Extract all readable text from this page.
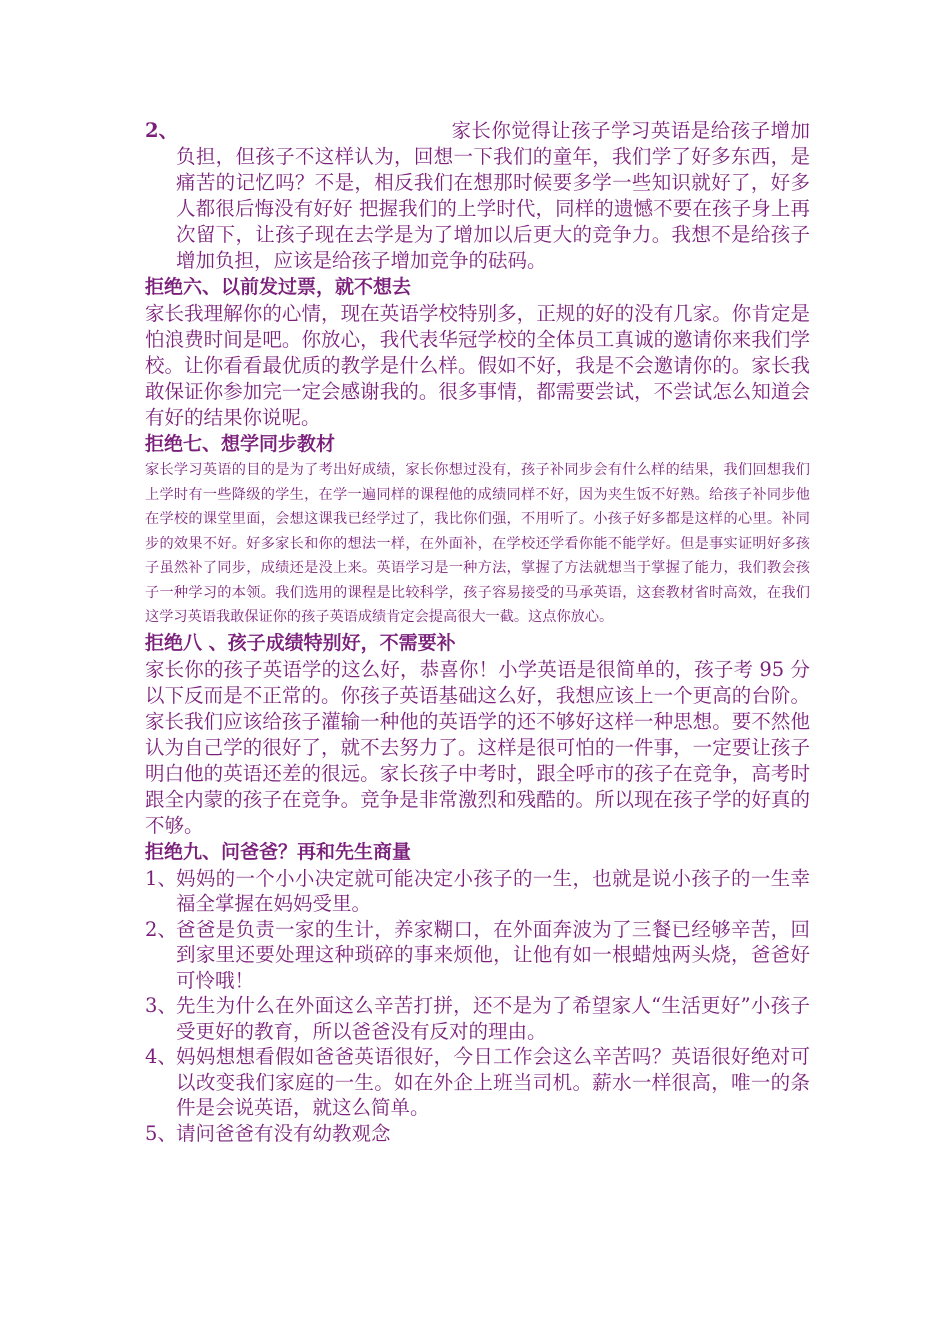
2、	家长你觉得让孩子学习英语是给孩子增加负担，但孩子不这样认为，回想一下我们的童年，我们学了好多东西，是痛苦的记忆吗？不是，相反我们在想那时候要多学一些知识就好了，好多人都很后悔没有好好 把握我们的上学时代，同样的遗憾不要在孩子身上再次留下，让孩子现在去学是为了增加以后更大的竞争力。我想不是给孩子增加负担，应该是给孩子增加竞争的砝码。

拒绝六、以前发过票，就不想去

家长我理解你的心情，现在英语学校特别多，正规的好的没有几家。你肯定是怕浪费时间是吧。你放心，我代表华冠学校的全体员工真诚的邀请你来我们学校。让你看看最优质的教学是什么样。假如不好，我是不会邀请你的。家长我敢保证你参加完一定会感谢我的。很多事情，都需要尝试，不尝试怎么知道会有好的结果你说呢。

拒绝七、想学同步教材

家长学习英语的目的是为了考出好成绩，家长你想过没有，孩子补同步会有什么样的结果，我们回想我们上学时有一些降级的学生，在学一遍同样的课程他的成绩同样不好，因为夹生饭不好熟。给孩子补同步他在学校的课堂里面，会想这课我已经学过了，我比你们强，不用听了。小孩子好多都是这样的心里。补同步的效果不好。好多家长和你的想法一样，在外面补，在学校还学看你能不能学好。但是事实证明好多孩子虽然补了同步，成绩还是没上来。英语学习是一种方法，掌握了方法就想当于掌握了能力，我们教会孩子一种学习的本领。我们选用的课程是比较科学，孩子容易接受的马承英语，这套教材省时高效，在我们这学习英语我敢保证你的孩子英语成绩肯定会提高很大一截。这点你放心。

拒绝八 、孩子成绩特别好，不需要补

家长你的孩子英语学的这么好，恭喜你！小学英语是很简单的，孩子考 95 分以下反而是不正常的。你孩子英语基础这么好，我想应该上一个更高的台阶。家长我们应该给孩子灌输一种他的英语学的还不够好这样一种思想。要不然他认为自己学的很好了，就不去努力了。这样是很可怕的一件事，一定要让孩子明白他的英语还差的很远。家长孩子中考时，跟全呼市的孩子在竞争，高考时跟全内蒙的孩子在竞争。竞争是非常激烈和残酷的。所以现在孩子学的好真的不够。

拒绝九、问爸爸？再和先生商量

1、 妈妈的一个小小决定就可能决定小孩子的一生，也就是说小孩子的一生幸福全掌握在妈妈受里。
2、 爸爸是负责一家的生计，养家糊口，在外面奔波为了三餐已经够辛苦，回到家里还要处理这种琐碎的事来烦他，让他有如一根蜡烛两头烧，爸爸好可怜哦！
3、 先生为什么在外面这么辛苦打拼，还不是为了希望家人“生活更好”小孩子受更好的教育，所以爸爸没有反对的理由。
4、 妈妈想想看假如爸爸英语很好，今日工作会这么辛苦吗？英语很好绝对可以改变我们家庭的一生。如在外企上班当司机。薪水一样很高，唯一的条件是会说英语，就这么简单。
5、 请问爸爸有没有幼教观念
